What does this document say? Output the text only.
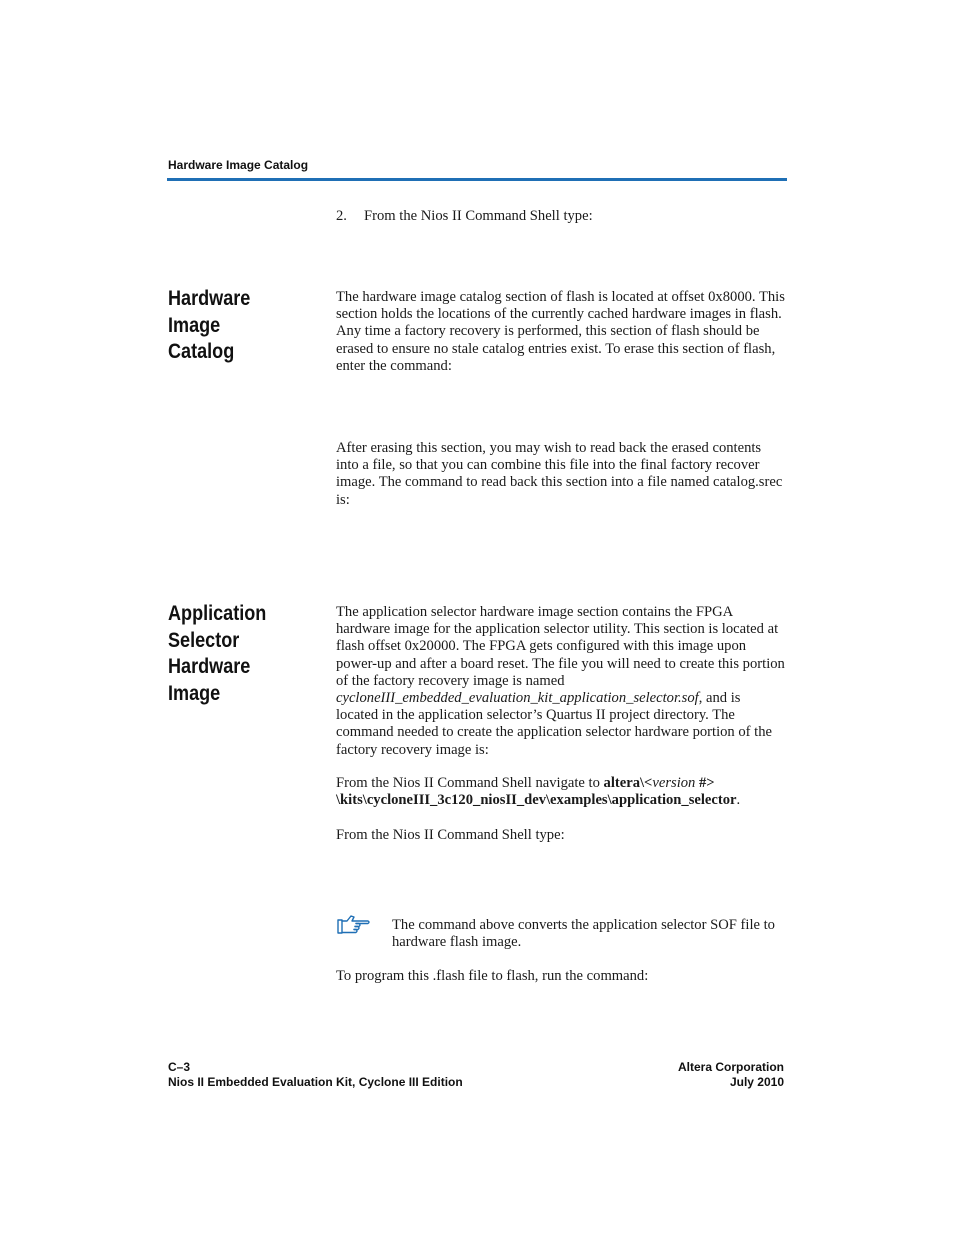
Hardware Image Catalog

2. From the Nios II Command Shell type:

Hardware Image
Catalog

The hardware image catalog section of flash is located at offset 0x8000. This section holds the locations of the currently cached hardware images in flash. Any time a factory recovery is performed, this section of flash should be erased to ensure no stale catalog entries exist. To erase this section of flash, enter the command:

After erasing this section, you may wish to read back the erased contents into a file, so that you can combine this file into the final factory recover image. The command to read back this section into a file named catalog.srec is:

Application
Selector
Hardware Image

The application selector hardware image section contains the FPGA hardware image for the application selector utility. This section is located at flash offset 0x20000. The FPGA gets configured with this image upon power-up and after a board reset. The file you will need to create this portion of the factory recovery image is named cycloneIII_embedded_evaluation_kit_application_selector.sof, and is located in the application selector’s Quartus II project directory. The command needed to create the application selector hardware portion of the factory recovery image is:

From the Nios II Command Shell navigate to altera\<version #>
\kits\cycloneIII_3c120_niosII_dev\examples\application_selector.

From the Nios II Command Shell type:

The command above converts the application selector SOF file to hardware flash image.

To program this .flash file to flash, run the command:

C–3
Nios II Embedded Evaluation Kit, Cyclone III Edition
Altera Corporation
July 2010
